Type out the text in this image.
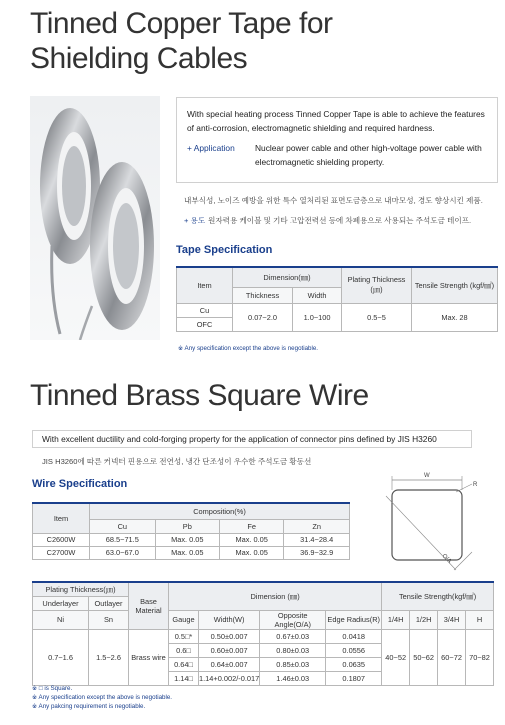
Tinned Copper Tape for
Shielding Cables
With special heating process Tinned Copper Tape is able to achieve the features of anti-corrosion, electromagnetic shielding and required hardness.
+ Application	Nuclear power cable and other high-voltage power cable with electromagnetic shielding property.
내부식성, 노이즈 예방을 위한 특수 열처리된 표면도금층으로 내마모성, 경도 향상시킨 제품.
+ 용도 원자력용 케이블 및 기타 고압전력선 등에 차폐용으로 사용되는 주석도금 테이프.
Tape Specification
Item	Dimension(㎜)		Plating Thickness (㎛)	Tensile Strength (kgf/㎟)
	Thickness	Width		
Cu	0.07~2.0	1.0~100	0.5~5	Max. 28
OFC				
※ Any specification except the above is negotiable.
Tinned Brass Square Wire
With excellent ductility and cold-forging property for the application of connector pins defined by JIS H3260
JIS H3260에 따른 커넥터 핀용으로 전연성, 냉간 단조성이 우수한 주석도금 황동선
Wire Specification
Item	Composition(%)			
	Cu	Pb	Fe	Zn
C2600W	68.5~71.5	Max. 0.05	Max. 0.05	31.4~28.4
C2700W	63.0~67.0	Max. 0.05	Max. 0.05	36.9~32.9
W
R
O/A
Plating Thickness(㎛)		Base Material	Dimension (㎜)				Tensile Strength(kgf/㎟)			
Underlayer	Outlayer									
Ni	Sn		Gauge	Width(W)	Opposite Angle(O/A)	Edge Radius(R)	1/4H	1/2H	3/4H	H
0.7~1.6	1.5~2.6	Brass wire	0.5□*	0.50±0.007	0.67±0.03	0.0418	40~52	50~62	60~72	70~82
			0.6□	0.60±0.007	0.80±0.03	0.0556				
			0.64□	0.64±0.007	0.85±0.03	0.0635				
			1.14□	1.14+0.002/-0.017	1.46±0.03	0.1807				
※ □ is Square.
※ Any specification except the above is negotiable.
※ Any pakcing requirement is negotiable.
